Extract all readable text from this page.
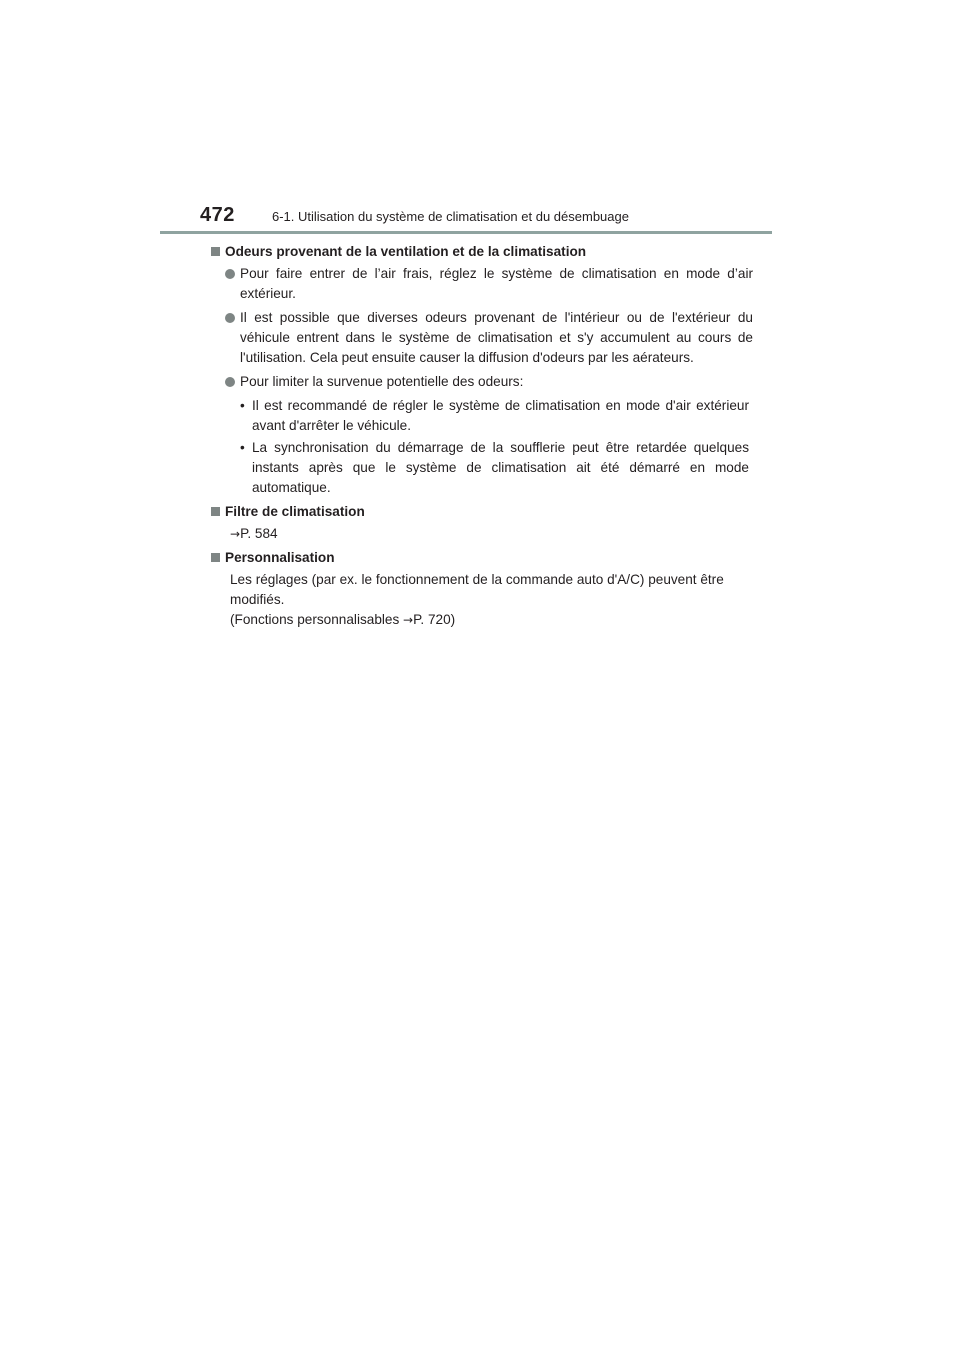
472	6-1. Utilisation du système de climatisation et du désembuage
Odeurs provenant de la ventilation et de la climatisation
Pour faire entrer de l’air frais, réglez le système de climatisation en mode d’air extérieur.
Il est possible que diverses odeurs provenant de l'intérieur ou de l'extérieur du véhicule entrent dans le système de climatisation et s'y accumulent au cours de l'utilisation. Cela peut ensuite causer la diffusion d'odeurs par les aérateurs.
Pour limiter la survenue potentielle des odeurs:
• Il est recommandé de régler le système de climatisation en mode d'air extérieur avant d'arrêter le véhicule.
• La synchronisation du démarrage de la soufflerie peut être retardée quelques instants après que le système de climatisation ait été démarré en mode automatique.
Filtre de climatisation
→P. 584
Personnalisation
Les réglages (par ex. le fonctionnement de la commande auto d'A/C) peuvent être modifiés.
(Fonctions personnalisables →P. 720)
